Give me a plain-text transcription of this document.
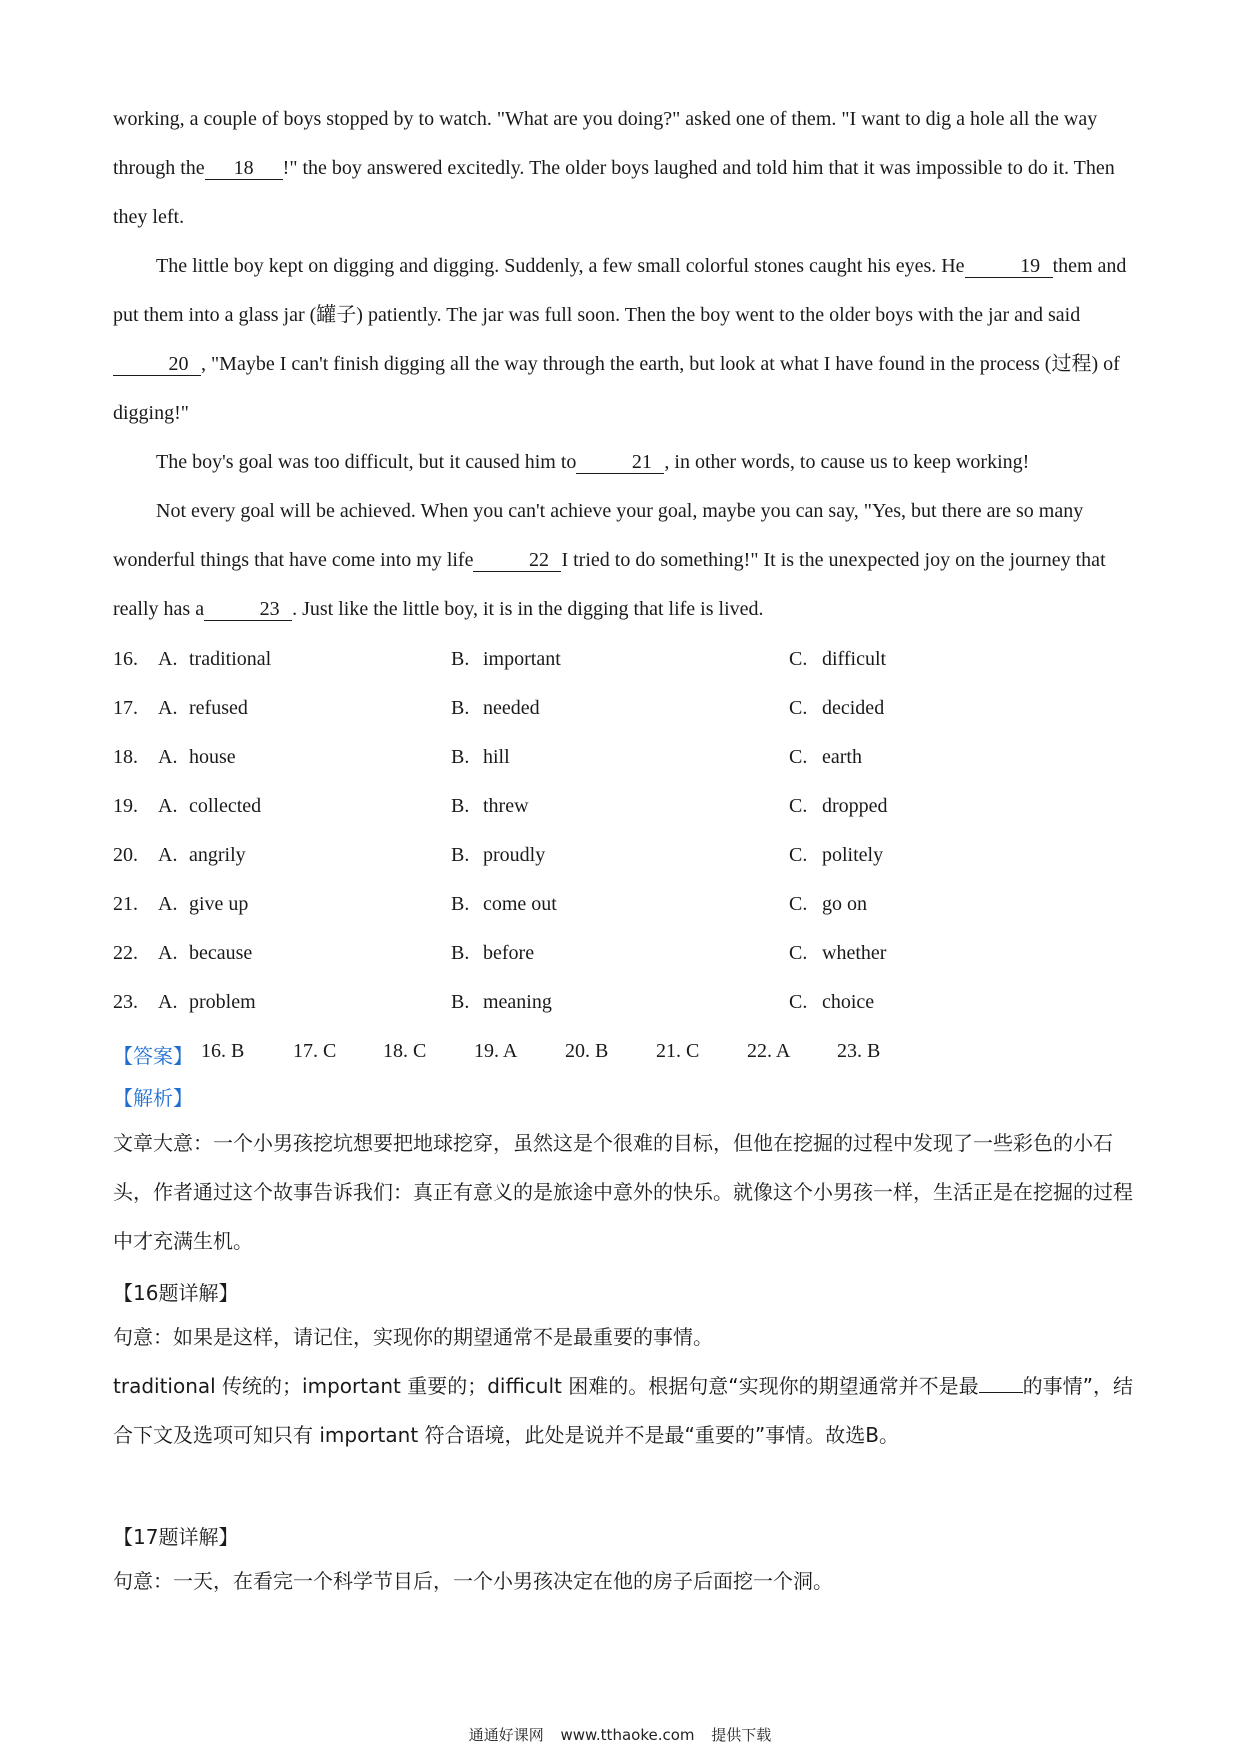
working, a couple of boys stopped by to watch. "What are you doing?" asked one of them. "I want to dig a hole all the way through the 18 !" the boy answered excitedly. The older boys laughed and told him that it was impossible to do it. Then they left.

The little boy kept on digging and digging. Suddenly, a few small colorful stones caught his eyes. He	19 them and put them into a glass jar (罐子) patiently. The jar was full soon. Then the boy went to the older boys with the jar and said20 , "Maybe I can't finish digging all the way through the earth, but look at what I have found in the process (过程) of digging!"

The boy's goal was too difficult, but it caused him to	21 , in other words, to cause us to keep working!

Not every goal will be achieved. When you can't achieve your goal, maybe you can say, "Yes, but there are so many wonderful things that have come into my life	22 I tried to do something!" It is the unexpected joy on the journey that really has a	23 . Just like the little boy, it is in the digging that life is lived.

16. A. traditional	B. important	C. difficult
17. A. refused	B. needed	C. decided
18. A. house	B. hill	C. earth
19. A. collected	B. threw	C. dropped
20. A. angrily	B. proudly	C. politely
21. A. give up	B. come out	C. go on
22. A. because	B. before	C. whether
23. A. problem	B. meaning	C. choice
【答案】 16. B 17. C 18. C 19. A 20. B 21. C 22. A 23. B
【解析】

文章大意：一个小男孩挖坑想要把地球挖穿，虽然这是个很难的目标，但他在挖掘的过程中发现了一些彩色的小石头，作者通过这个故事告诉我们：真正有意义的是旅途中意外的快乐。就像这个小男孩一样，生活正是在挖掘的过程中才充满生机。

【16题详解】

句意：如果是这样，请记住，实现你的期望通常不是最重要的事情。

traditional 传统的；important 重要的；difficult 困难的。根据句意“实现你的期望通常并不是最 的事情”，结合下文及选项可知只有 important 符合语境，此处是说并不是最“重要的”事情。故选B。

【17题详解】

句意：一天，在看完一个科学节目后，一个小男孩决定在他的房子后面挖一个洞。

通通好课网 www.tthaoke.com 提供下载
